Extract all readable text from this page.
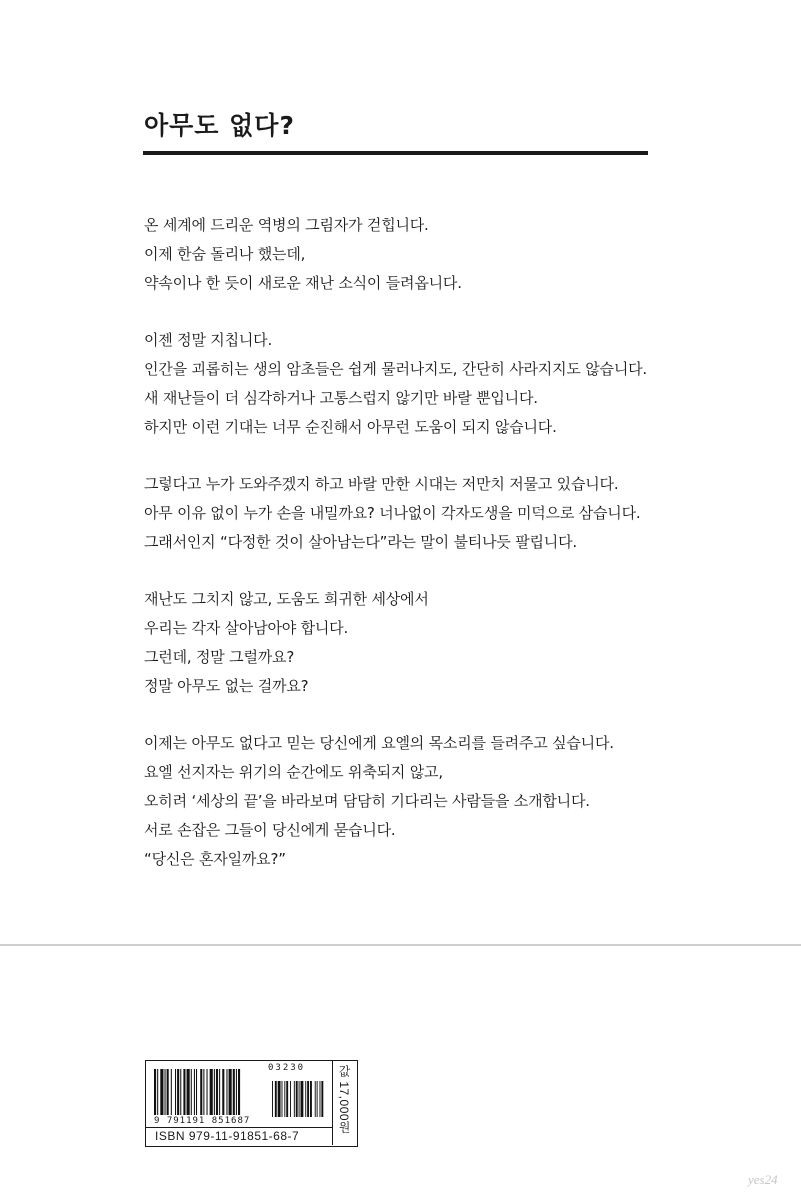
아무도 없다?

온 세계에 드리운 역병의 그림자가 걷힙니다.
이제 한숨 돌리나 했는데,
약속이나 한 듯이 새로운 재난 소식이 들려옵니다.

이젠 정말 지칩니다.
인간을 괴롭히는 생의 암초들은 쉽게 물러나지도, 간단히 사라지지도 않습니다.
새 재난들이 더 심각하거나 고통스럽지 않기만 바랄 뿐입니다.
하지만 이런 기대는 너무 순진해서 아무런 도움이 되지 않습니다.

그렇다고 누가 도와주겠지 하고 바랄 만한 시대는 저만치 저물고 있습니다.
아무 이유 없이 누가 손을 내밀까요? 너나없이 각자도생을 미덕으로 삼습니다.
그래서인지 “다정한 것이 살아남는다”라는 말이 불티나듯 팔립니다.

재난도 그치지 않고, 도움도 희귀한 세상에서
우리는 각자 살아남아야 합니다.
그런데, 정말 그럴까요?
정말 아무도 없는 걸까요?

이제는 아무도 없다고 믿는 당신에게 요엘의 목소리를 들려주고 싶습니다.
요엘 선지자는 위기의 순간에도 위축되지 않고,
오히려 ‘세상의 끝’을 바라보며 담담히 기다리는 사람들을 소개합니다.
서로 손잡은 그들이 당신에게 묻습니다.
“당신은 혼자일까요?”

03230
9 791191 851687
ISBN 979-11-91851-68-7
값 17,000원
yes24
